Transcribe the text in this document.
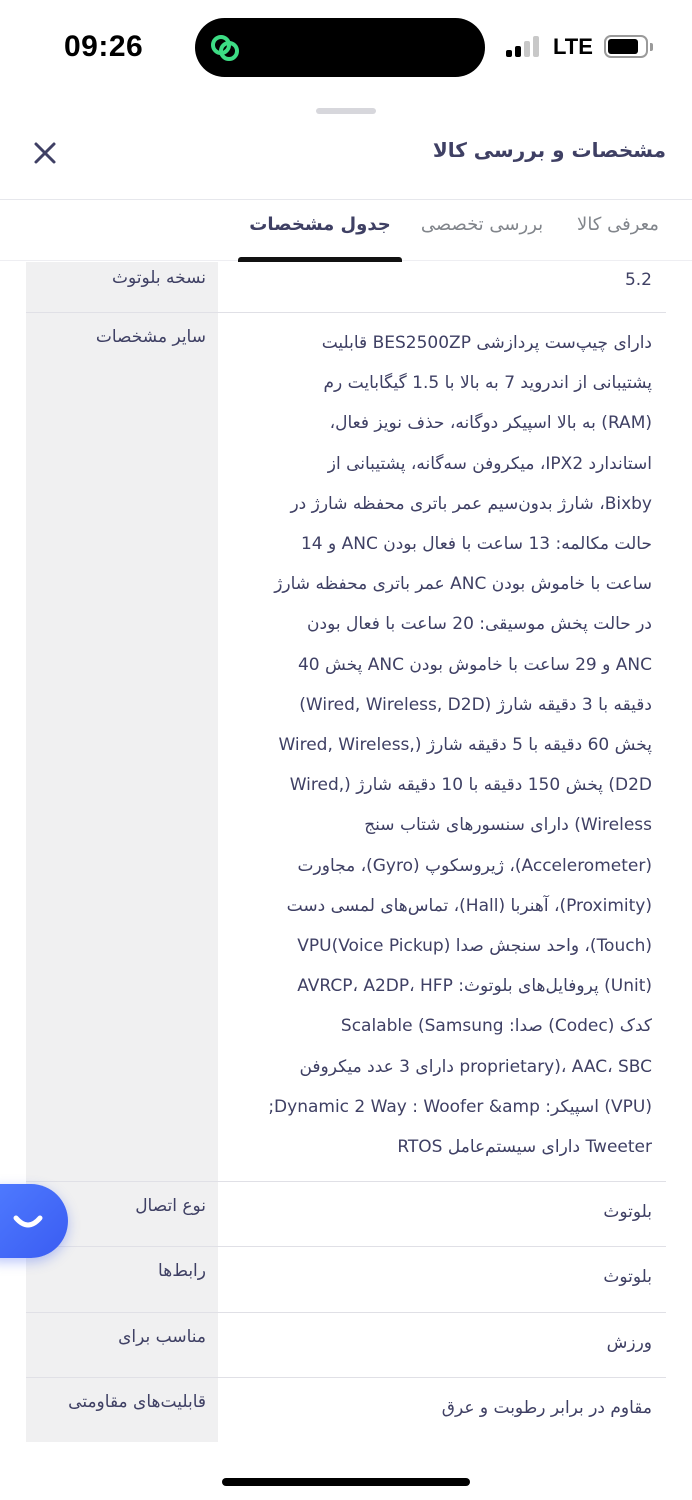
09:26	LTE
مشخصات و بررسی کالا
معرفی کالا
بررسی تخصصی
جدول مشخصات
نسخه بلوتوث	5.2
سایر مشخصات	دارای چیپ‌ست پردازشی BES2500ZP قابلیت
پشتیبانی از اندروید 7 به بالا با 1.5 گیگابایت رم
(RAM) به بالا اسپیکر دوگانه، حذف نویز فعال،
استاندارد IPX2، میکروفن سه‌گانه، پشتیبانی از
Bixby، شارژ بدون‌سیم عمر باتری محفظه شارژ در
حالت مکالمه: 13 ساعت با فعال بودن ANC و 14
ساعت با خاموش بودن ANC عمر باتری محفظه شارژ
در حالت پخش موسیقی: 20 ساعت با فعال بودن
ANC و 29 ساعت با خاموش بودن ANC پخش 40
دقیقه با 3 دقیقه شارژ (Wired, Wireless, D2D)
پخش 60 دقیقه با 5 دقیقه شارژ (,Wired, Wireless
D2D) پخش 150 دقیقه با 10 دقیقه شارژ (,Wired
Wireless) دارای سنسورهای شتاب سنج
(Accelerometer)، ژیروسکوپ (Gyro)، مجاورت
(Proximity)، آهنربا (Hall)، تماس‌های لمسی دست
(Touch)، واحد سنجش صدا (VPU(Voice Pickup
(Unit) پروفایل‌های بلوتوث: AVRCP، A2DP، HFP
کدک (Codec) صدا: Scalable (Samsung
proprietary)، AAC، SBC دارای 3 عدد میکروفن
(VPU) اسپیکر: Dynamic 2 Way : Woofer &amp;
Tweeter دارای سیستم‌عامل RTOS
نوع اتصال	بلوتوث
رابط‌ها	بلوتوث
مناسب برای	ورزش
قابلیت‌های مقاومتی	مقاوم در برابر رطوبت و عرق
